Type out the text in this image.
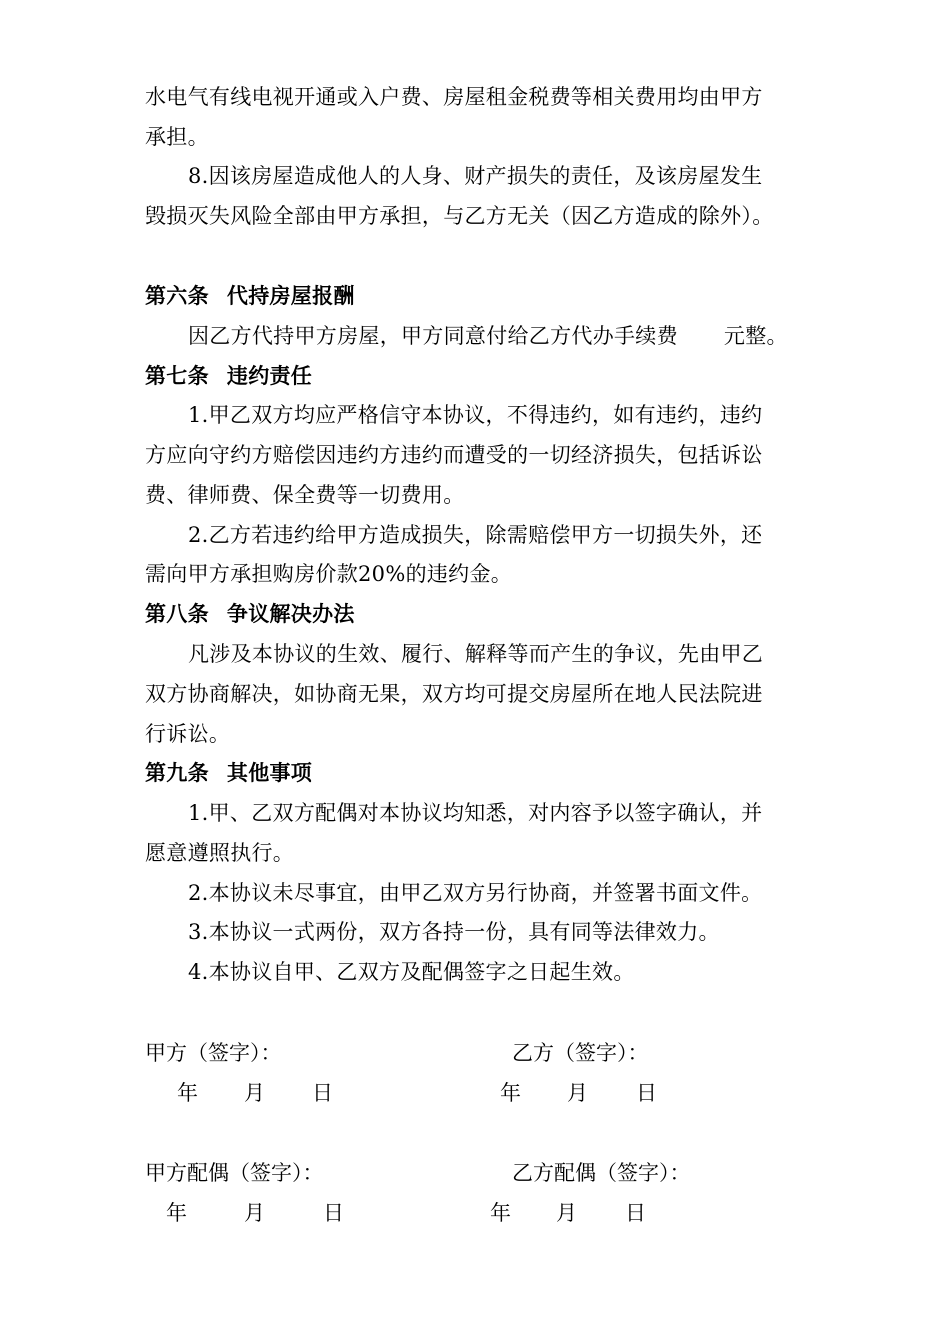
水电气有线电视开通或入户费、房屋租金税费等相关费用均由甲方
承担。
8.因该房屋造成他人的人身、财产损失的责任，及该房屋发生
毁损灭失风险全部由甲方承担，与乙方无关（因乙方造成的除外）。
第六条 代持房屋报酬
因乙方代持甲方房屋，甲方同意付给乙方代办手续费 元整。
第七条 违约责任
1.甲乙双方均应严格信守本协议，不得违约，如有违约，违约
方应向守约方赔偿因违约方违约而遭受的一切经济损失，包括诉讼
费、律师费、保全费等一切费用。
2.乙方若违约给甲方造成损失，除需赔偿甲方一切损失外，还
需向甲方承担购房价款20%的违约金。
第八条 争议解决办法
凡涉及本协议的生效、履行、解释等而产生的争议，先由甲乙
双方协商解决，如协商无果，双方均可提交房屋所在地人民法院进
行诉讼。
第九条 其他事项
1.甲、乙双方配偶对本协议均知悉，对内容予以签字确认，并
愿意遵照执行。
2.本协议未尽事宜，由甲乙双方另行协商，并签署书面文件。
3.本协议一式两份，双方各持一份，具有同等法律效力。
4.本协议自甲、乙双方及配偶签字之日起生效。
甲方（签字）：	乙方（签字）：
年 月 日	年 月 日
甲方配偶（签字）：	乙方配偶（签字）：
年	月	日	年 月 日
